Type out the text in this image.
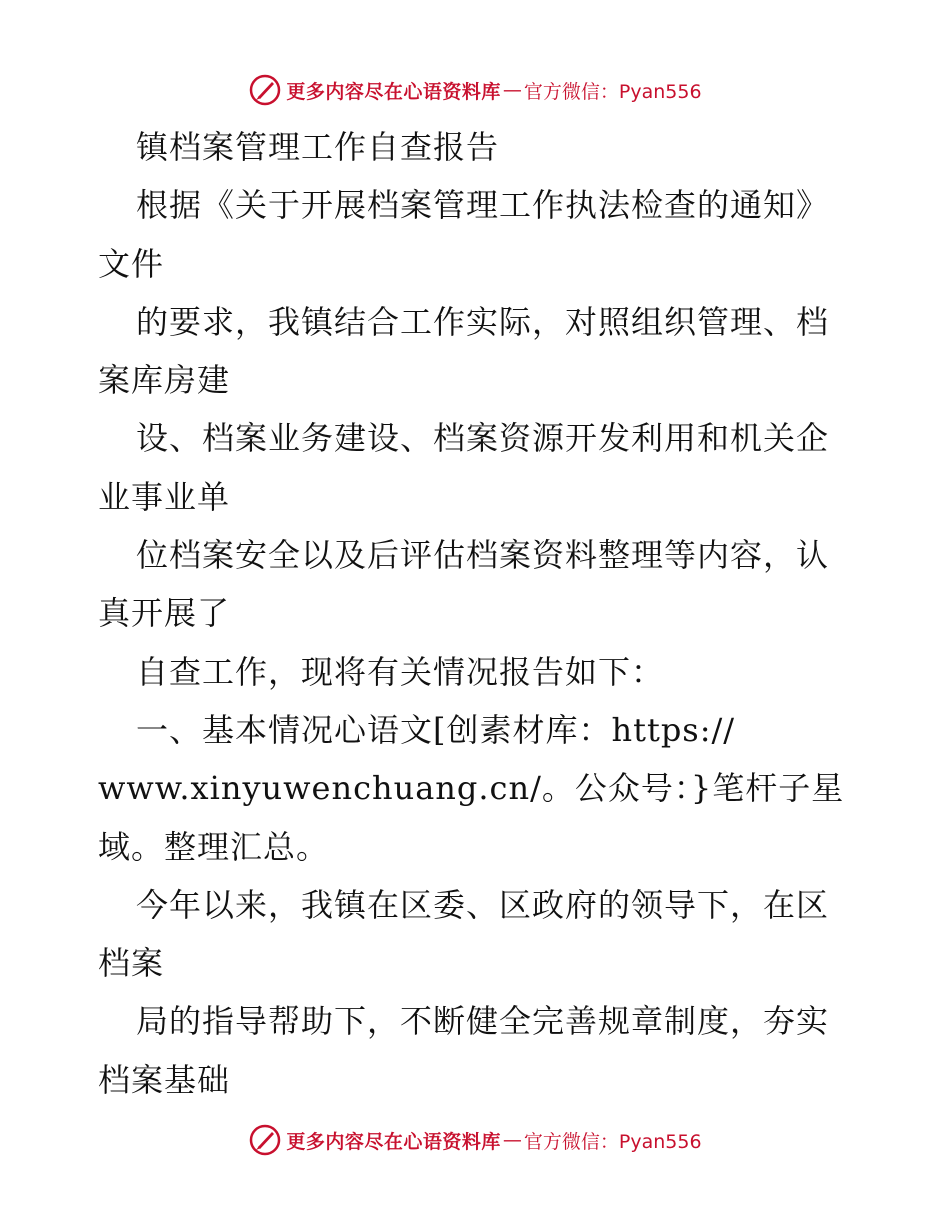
更多内容尽在心语资料库 — 官方微信：Pyan556
镇档案管理工作自查报告
根据《关于开展档案管理工作执法检查的通知》
文件
的要求，我镇结合工作实际，对照组织管理、档
案库房建
设、档案业务建设、档案资源开发利用和机关企
业事业单
位档案安全以及后评估档案资料整理等内容，认
真开展了
自查工作，现将有关情况报告如下：
一、基本情况心语文[创素材库：https://
www.xinyuwenchuang.cn/。公众号：}笔杆子星
域。整理汇总。
今年以来，我镇在区委、区政府的领导下，在区
档案
局的指导帮助下，不断健全完善规章制度，夯实
档案基础
更多内容尽在心语资料库 — 官方微信：Pyan556
